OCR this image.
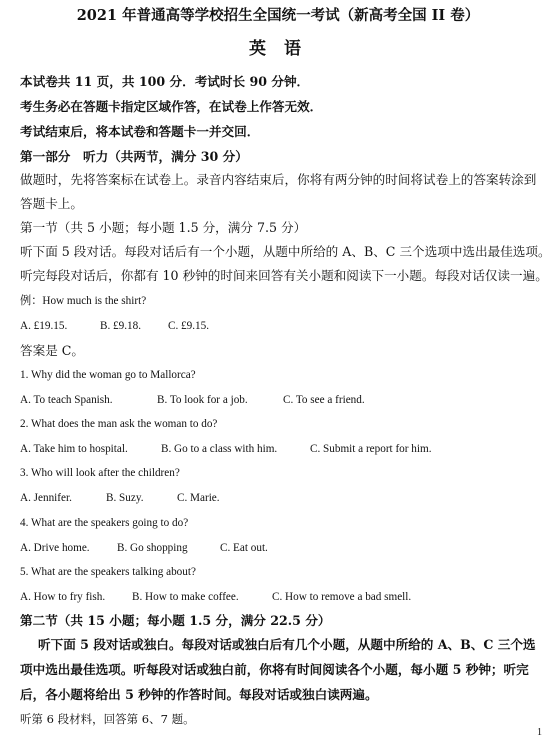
2021 年普通高等学校招生全国统一考试（新高考全国 II 卷）
英 语
本试卷共 11 页，共 100 分．考试时长 90 分钟．
考生务必在答题卡指定区域作答，在试卷上作答无效．
考试结束后，将本试卷和答题卡一并交回．
第一部分　听力（共两节，满分 30 分）
做题时，先将答案标在试卷上。录音内容结束后，你将有两分钟的时间将试卷上的答案转涂到
答题卡上。
第一节（共 5 小题；每小题 1.5 分，满分 7.5 分）
听下面 5 段对话。每段对话后有一个小题，从题中所给的 A、B、C 三个选项中选出最佳选项。
听完每段对话后，你都有 10 秒钟的时间来回答有关小题和阅读下一小题。每段对话仅读一遍。
例：How much is the shirt?
A. £19.15.	B. £9.18. C. £9.15.
答案是 C。
1. Why did the woman go to Mallorca?
A. To teach Spanish.	B. To look for a job.	C. To see a friend.
2. What does the man ask the woman to do?
A. Take him to hospital.	B. Go to a class with him.	C. Submit a report for him.
3. Who will look after the children?
A. Jennifer.	B. Suzy.	C. Marie.
4. What are the speakers going to do?
A. Drive home. B. Go shopping	C. Eat out.
5. What are the speakers talking about?
A. How to fry fish. B. How to make coffee.	C. How to remove a bad smell.
第二节（共 15 小题；每小题 1.5 分，满分 22.5 分）
听下面 5 段对话或独白。每段对话或独白后有几个小题，从题中所给的 A、B、C 三个选
项中选出最佳选项。听每段对话或独白前，你将有时间阅读各个小题，每小题 5 秒钟；听完
后，各小题将给出 5 秒钟的作答时间。每段对话或独白读两遍。
听第 6 段材料，回答第 6、7 题。
1
